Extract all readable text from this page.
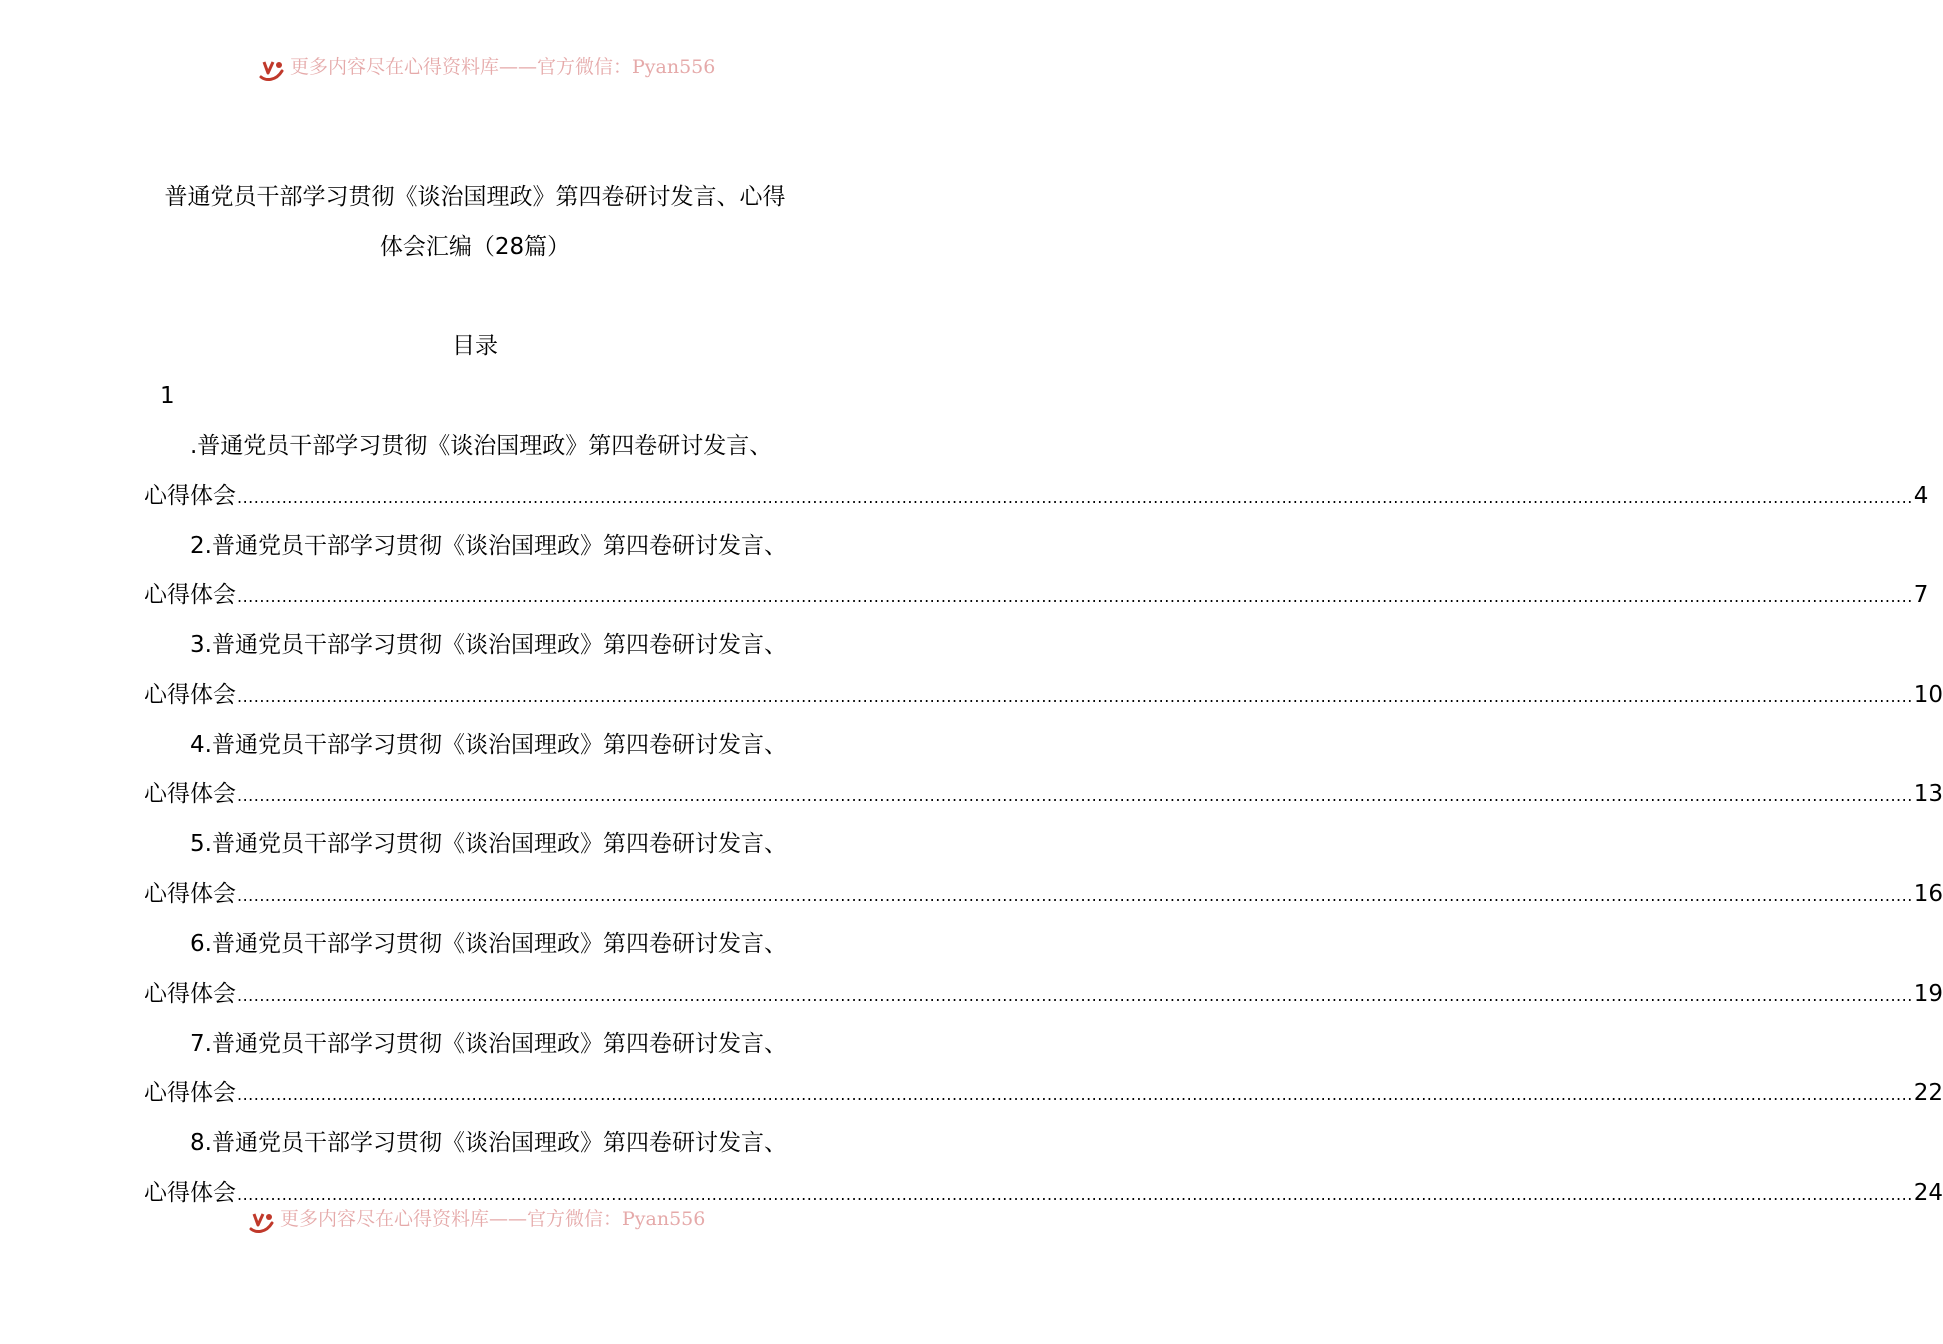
更多内容尽在心得资料库——官方微信：Pyan556
普通党员干部学习贯彻《谈治国理政》第四卷研讨发言、心得
体会汇编（28篇）
目录
1
.普通党员干部学习贯彻《谈治国理政》第四卷研讨发言、
心得体会 ............................................................................................................................................................................................................................................................................................................ 4
2.普通党员干部学习贯彻《谈治国理政》第四卷研讨发言、
心得体会 ............................................................................................................................................................................................................................................................................................................ 7
3.普通党员干部学习贯彻《谈治国理政》第四卷研讨发言、
心得体会 ............................................................................................................................................................................................................................................................................................................ 10
4.普通党员干部学习贯彻《谈治国理政》第四卷研讨发言、
心得体会 ............................................................................................................................................................................................................................................................................................................ 13
5.普通党员干部学习贯彻《谈治国理政》第四卷研讨发言、
心得体会 ............................................................................................................................................................................................................................................................................................................ 16
6.普通党员干部学习贯彻《谈治国理政》第四卷研讨发言、
心得体会 ............................................................................................................................................................................................................................................................................................................ 19
7.普通党员干部学习贯彻《谈治国理政》第四卷研讨发言、
心得体会 ............................................................................................................................................................................................................................................................................................................ 22
8.普通党员干部学习贯彻《谈治国理政》第四卷研讨发言、
心得体会 ............................................................................................................................................................................................................................................................................................................ 24
更多内容尽在心得资料库——官方微信：Pyan556
